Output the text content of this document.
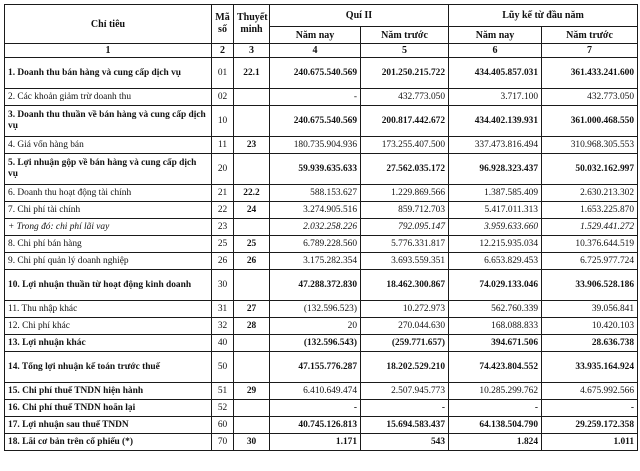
Chỉ tiêu	Mã số	Thuyết minh	Quí II		Lũy kế từ đầu năm	
			Năm nay	Năm trước	Năm nay	Năm trước
1	2	3	4	5	6	7
1. Doanh thu bán hàng và cung cấp dịch vụ	01	22.1	240.675.540.569	201.250.215.722	434.405.857.031	361.433.241.600
2. Các khoản giảm trừ doanh thu	02		-	432.773.050	3.717.100	432.773.050
3. Doanh thu thuần về bán hàng và cung cấp dịch vụ	10		240.675.540.569	200.817.442.672	434.402.139.931	361.000.468.550
4. Giá vốn hàng bán	11	23	180.735.904.936	173.255.407.500	337.473.816.494	310.968.305.553
5. Lợi nhuận gộp về bán hàng và cung cấp dịch vụ	20		59.939.635.633	27.562.035.172	96.928.323.437	50.032.162.997
6. Doanh thu hoạt động tài chính	21	22.2	588.153.627	1.229.869.566	1.387.585.409	2.630.213.302
7. Chi phí tài chính	22	24	3.274.905.516	859.712.703	5.417.011.313	1.653.225.870
+ Trong đó: chi phí lãi vay	23		2.032.258.226	792.095.147	3.959.633.660	1.529.441.272
8. Chi phí bán hàng	25	25	6.789.228.560	5.776.331.817	12.215.935.034	10.376.644.519
9. Chi phí quản lý doanh nghiệp	26	26	3.175.282.354	3.693.559.351	6.653.829.453	6.725.977.724
10. Lợi nhuận thuần từ hoạt động kinh doanh	30		47.288.372.830	18.462.300.867	74.029.133.046	33.906.528.186
11. Thu nhập khác	31	27	(132.596.523)	10.272.973	562.760.339	39.056.841
12. Chi phí khác	32	28	20	270.044.630	168.088.833	10.420.103
13. Lợi nhuận khác	40		(132.596.543)	(259.771.657)	394.671.506	28.636.738
14. Tổng lợi nhuận kế toán trước thuế	50		47.155.776.287	18.202.529.210	74.423.804.552	33.935.164.924
15. Chi phí thuế TNDN hiện hành	51	29	6.410.649.474	2.507.945.773	10.285.299.762	4.675.992.566
16. Chi phí thuế TNDN hoãn lại	52		-	-	-	-
17. Lợi nhuận sau thuế TNDN	60		40.745.126.813	15.694.583.437	64.138.504.790	29.259.172.358
18. Lãi cơ bản trên cổ phiếu (*)	70	30	1.171	543	1.824	1.011
